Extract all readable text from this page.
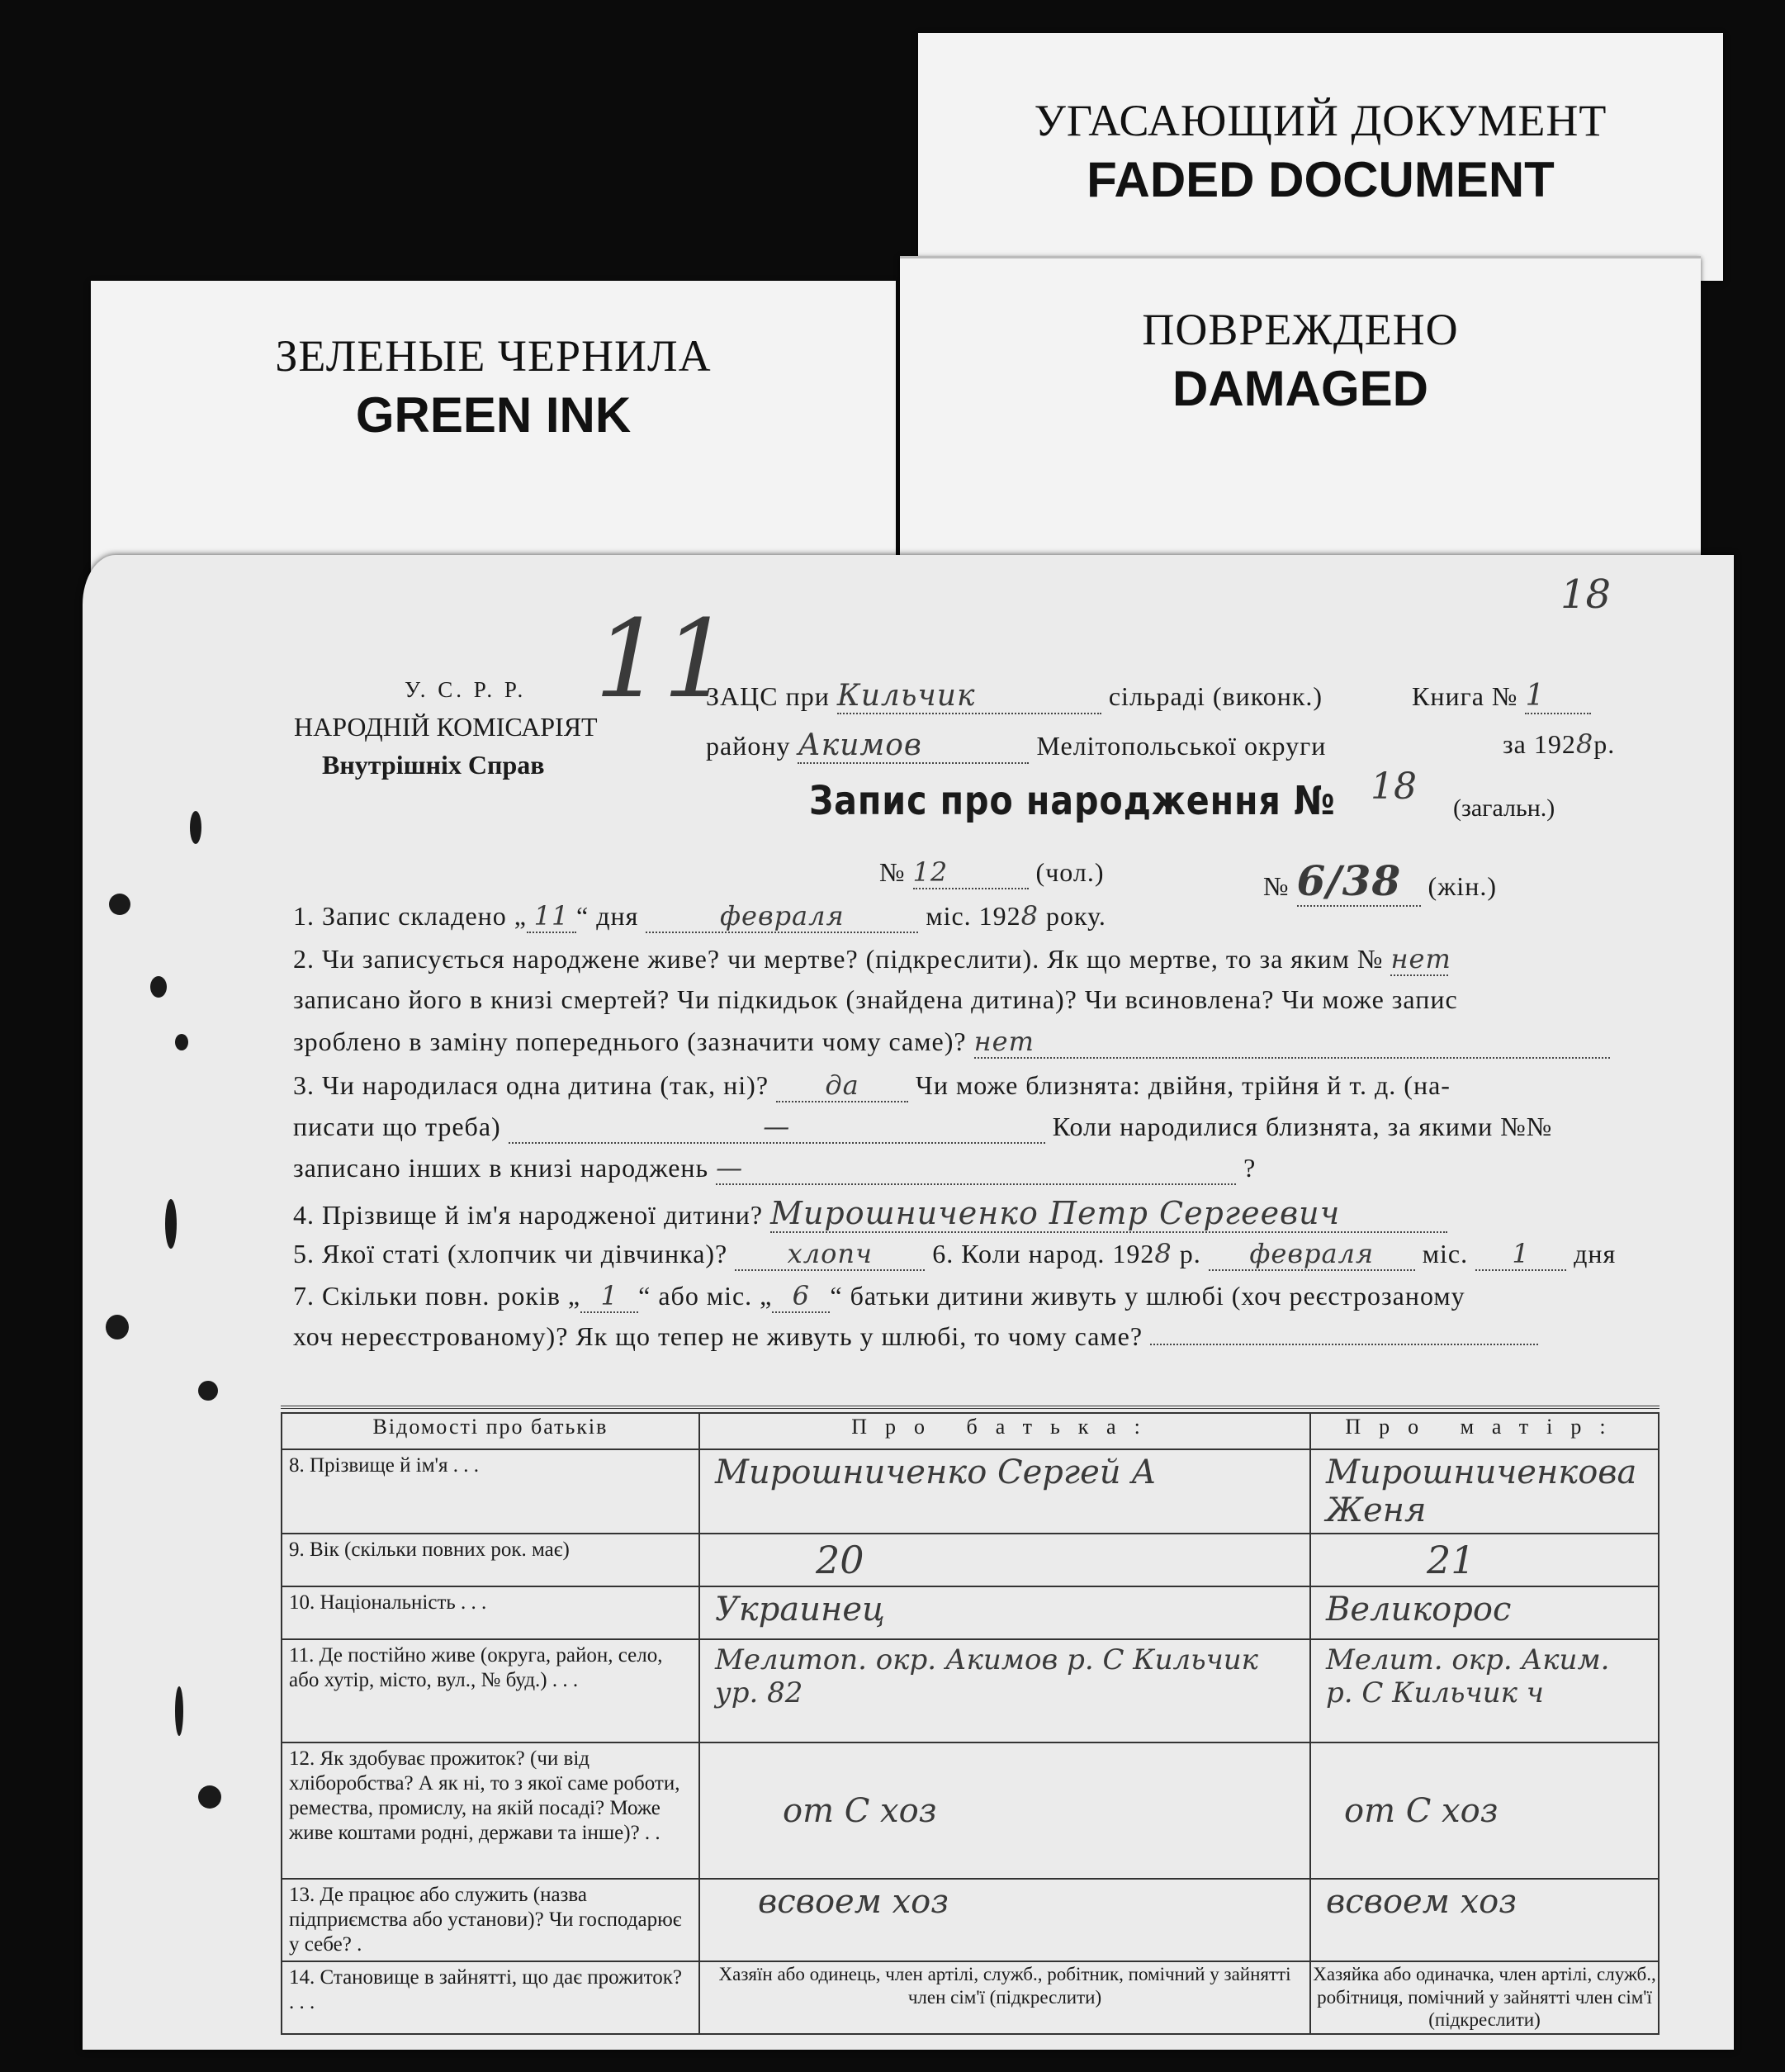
УГАСАЮЩИЙ ДОКУМЕНТ
FADED DOCUMENT
ЗЕЛЕНЫЕ ЧЕРНИЛА
GREEN INK
ПОВРЕЖДЕНО
DAMAGED
11
18
У. С. Р. Р.
НАРОДНІЙ КОМІСАРІЯТ
Внутрішніх Справ
ЗАЦС при Кильчик	сільраді (виконк.)	Книга № 1
району Акимов	Мелітопольської округи	за 1928р.
Запис про народження № 18
(загальн.)
№ 12	(чол.)	№ 6/38 (жін.)
1. Запис складено „ 11 “ дня	февраля	міс. 1928 року.
2. Чи записується народжене живе? чи мертве? (підкреслити). Як що мертве, то за яким № нет
записано його в книзі смертей? Чи підкидьок (знайдена дитина)? Чи всиновлена? Чи може запис
зроблено в заміну попереднього (зазначити чому саме)? нет
3. Чи народилася одна дитина (так, ні)? да Чи може близнята: двійня, трійня й т. д. (на-
писати що треба)	—	Коли народилися близнята, за якими №№
записано інших в книзі народжень —	?
4. Прізвище й ім'я народженої дитини? Мирошниченко Петр Сергеевич
5. Якої статі (хлопчик чи дівчинка)? хлопч 6. Коли народ. 1928 р. февраля міс. 1 дня
7. Скільки повн. років „ 1 “ або міс. „ 6 “ батьки дитини живуть у шлюбі (хоч реєстрозаному
хоч нереєстрованому)? Як що тепер не живуть у шлюбі, то чому саме?
Відомості про батьків	Про батька:	Про матір:
8. Прізвище й ім'я . . .	Мирошниченко Сергей А	Мирошниченкова Женя
9. Вік (скільки повних рок. має)	20	21
10. Національність . . .	Украинец	Великорос
11. Де постійно живе (округа, район, село, або хутір, місто, вул., № буд.) . . .	Мелитоп. окр. Акимов р. С Кильчик ур. 82	Мелит. окр. Аким. р. С Кильчик ч
12. Як здобуває прожиток? (чи від хліборобства? А як ні, то з якої саме роботи, ремества, промислу, на якій посаді? Може живе коштами родні, держави та інше)? . .	от С хоз	от С хоз
13. Де працює або служить (назва підприємства або установи)? Чи господарює у себе? .	всвоем хоз	всвоем хоз
14. Становище в зайнятті, що дає прожиток? . . .	Хазяїн або одинець, член артілі, служб., робітник, помічний у зайнятті член сім'ї (підкреслити)	Хазяйка або одиначка, член артілі, служб., робітниця, помічний у зайнятті член сім'ї (підкреслити)
